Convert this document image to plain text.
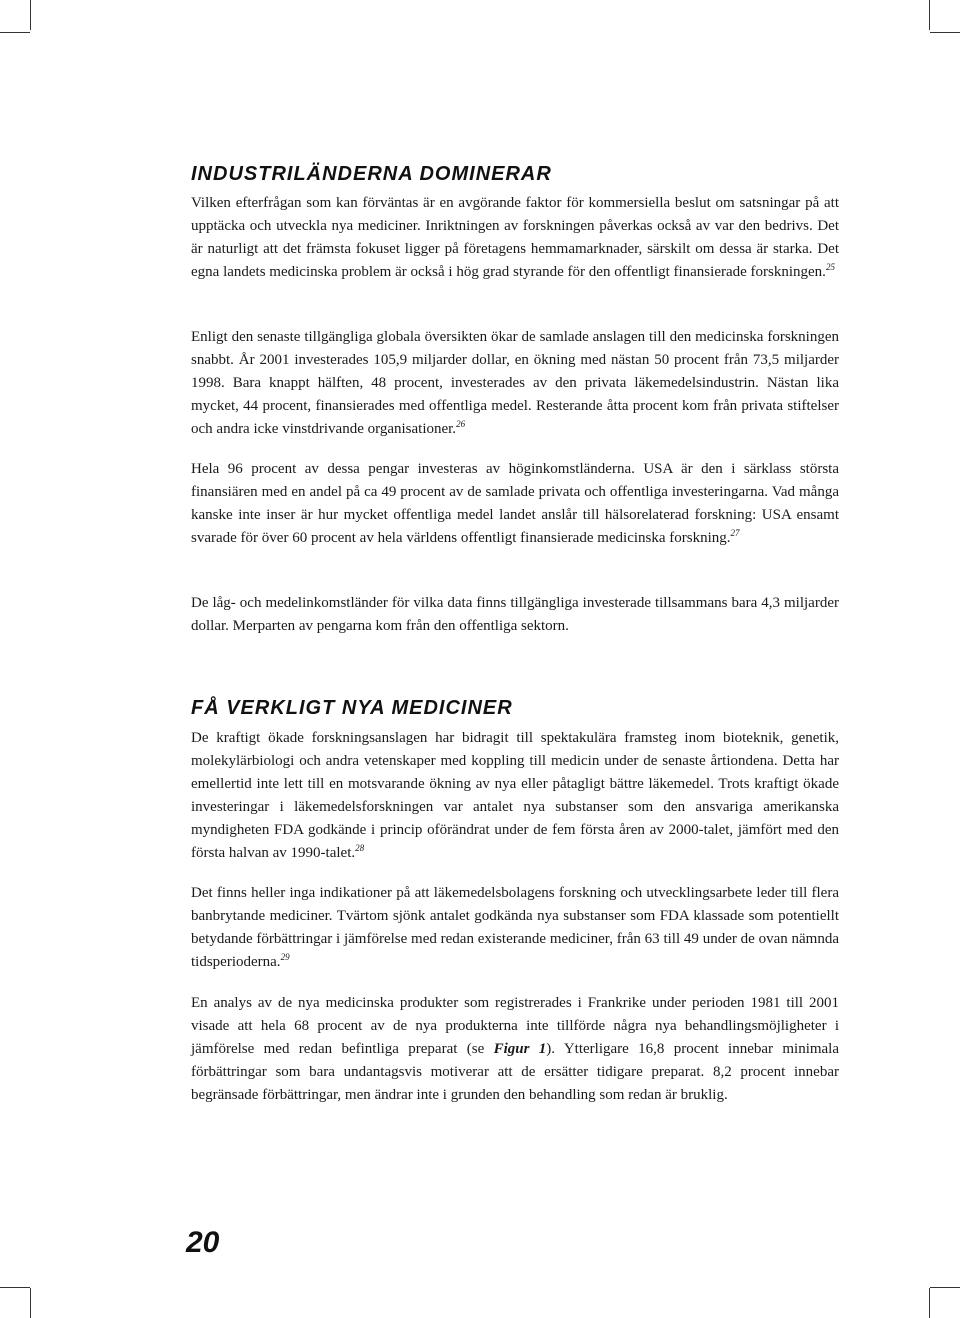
INDUSTRILÄNDERNA DOMINERAR

Vilken efterfrågan som kan förväntas är en avgörande faktor för kommersiella beslut om satsningar på att upptäcka och utveckla nya mediciner. Inriktningen av forskningen påverkas också av var den bedrivs. Det är naturligt att det främsta fokuset ligger på företagens hemmamarknader, särskilt om dessa är starka. Det egna landets medicinska problem är också i hög grad styrande för den offentligt finansierade forskningen.$^{25}$

Enligt den senaste tillgängliga globala översikten ökar de samlade anslagen till den medicinska forskningen snabbt. År 2001 investerades 105,9 miljarder dollar, en ökning med nästan 50 procent från 73,5 miljarder 1998. Bara knappt hälften, 48 procent, investerades av den privata läkemedelsindustrin. Nästan lika mycket, 44 procent, finansierades med offentliga medel. Resterande åtta procent kom från privata stiftelser och andra icke vinstdrivande organisationer.$^{26}$

Hela 96 procent av dessa pengar investeras av höginkomstländerna. USA är den i särklass största finansiären med en andel på ca 49 procent av de samlade privata och offentliga investeringarna. Vad många kanske inte inser är hur mycket offentliga medel landet anslår till hälsorelaterad forskning: USA ensamt svarade för över 60 procent av hela världens offentligt finansierade medicinska forskning.$^{27}$

De låg- och medelinkomstländer för vilka data finns tillgängliga investerade tillsammans bara 4,3 miljarder dollar. Merparten av pengarna kom från den offentliga sektorn.

FÅ VERKLIGT NYA MEDICINER

De kraftigt ökade forskningsanslagen har bidragit till spektakulära framsteg inom bioteknik, genetik, molekylärbiologi och andra vetenskaper med koppling till medicin under de senaste årtiondena. Detta har emellertid inte lett till en motsvarande ökning av nya eller påtagligt bättre läkemedel. Trots kraftigt ökade investeringar i läkemedelsforskningen var antalet nya substanser som den ansvariga amerikanska myndigheten FDA godkände i princip oförändrat under de fem första åren av 2000-talet, jämfört med den första halvan av 1990-talet.$^{28}$

Det finns heller inga indikationer på att läkemedelsbolagens forskning och utvecklingsarbete leder till flera banbrytande mediciner. Tvärtom sjönk antalet godkända nya substanser som FDA klassade som potentiellt betydande förbättringar i jämförelse med redan existerande mediciner, från 63 till 49 under de ovan nämnda tidsperioderna.$^{29}$

En analys av de nya medicinska produkter som registrerades i Frankrike under perioden 1981 till 2001 visade att hela 68 procent av de nya produkterna inte tillförde några nya behandlingsmöjligheter i jämförelse med redan befintliga preparat (se Figur 1). Ytterligare 16,8 procent innebar minimala förbättringar som bara undantagsvis motiverar att de ersätter tidigare preparat. 8,2 procent innebar begränsade förbättringar, men ändrar inte i grunden den behandling som redan är bruklig.

20
